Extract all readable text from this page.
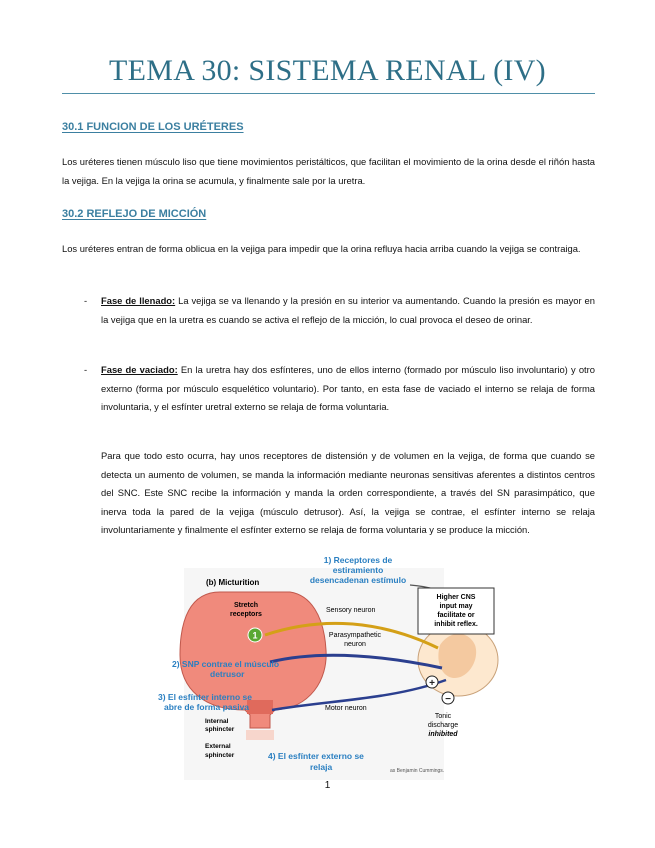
TEMA 30: SISTEMA RENAL (IV)
30.1 FUNCION DE LOS URÉTERES
Los uréteres tienen músculo liso que tiene movimientos peristálticos, que facilitan el movimiento de la orina desde el riñón hasta la vejiga. En la vejiga la orina se acumula, y finalmente sale por la uretra.
30.2 REFLEJO DE MICCIÓN
Los uréteres entran de forma oblicua en la vejiga para impedir que la orina refluya hacia arriba cuando la vejiga se contraiga.
- Fase de llenado: La vejiga se va llenando y la presión en su interior va aumentando. Cuando la presión es mayor en la vejiga que en la uretra es cuando se activa el reflejo de la micción, lo cual provoca el deseo de orinar.
- Fase de vaciado: En la uretra hay dos esfínteres, uno de ellos interno (formado por músculo liso involuntario) y otro externo (forma por músculo esquelético voluntario). Por tanto, en esta fase de vaciado el interno se relaja de forma involuntaria, y el esfínter uretral externo se relaja de forma voluntaria.
Para que todo esto ocurra, hay unos receptores de distensión y de volumen en la vejiga, de forma que cuando se detecta un aumento de volumen, se manda la información mediante neuronas sensitivas aferentes a distintos centros del SNC. Este SNC recibe la información y manda la orden correspondiente, a través del SN parasimpático, que inerva toda la pared de la vejiga (músculo detrusor). Así, la vejiga se contrae, el esfínter interno se relaja involuntariamente y finalmente el esfínter externo se relaja de forma voluntaria y se produce la micción.
1
+
−
(b) Micturition
Stretch
receptors
Sensory neuron
Parasympathetic
neuron
Higher CNS
input may
facilitate or
inhibit reflex.
Motor neuron
Internal
sphincter
External
sphincter
Tonic
discharge
inhibited
as Benjamin Cummings.
1) Receptores de
estiramiento
desencadenan estímulo
2) SNP contrae el músculo
detrusor
3) El esfínter interno se
abre de forma pasiva
4) El esfínter externo se
relaja
1
